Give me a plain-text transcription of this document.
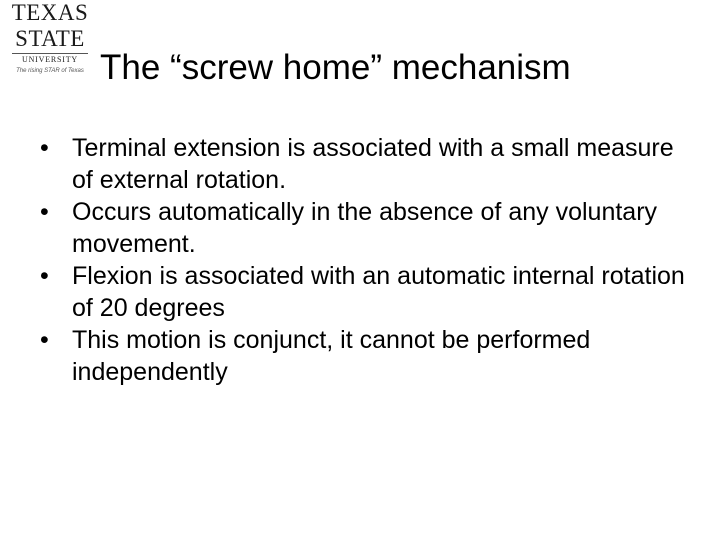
TEXAS
STATE
UNIVERSITY
The rising STAR of Texas The “screw home” mechanism
• Terminal extension is associated with a small measure of external rotation.
• Occurs automatically in the absence of any voluntary movement.
• Flexion is associated with an automatic internal rotation of 20 degrees
• This motion is conjunct, it cannot be performed independently
